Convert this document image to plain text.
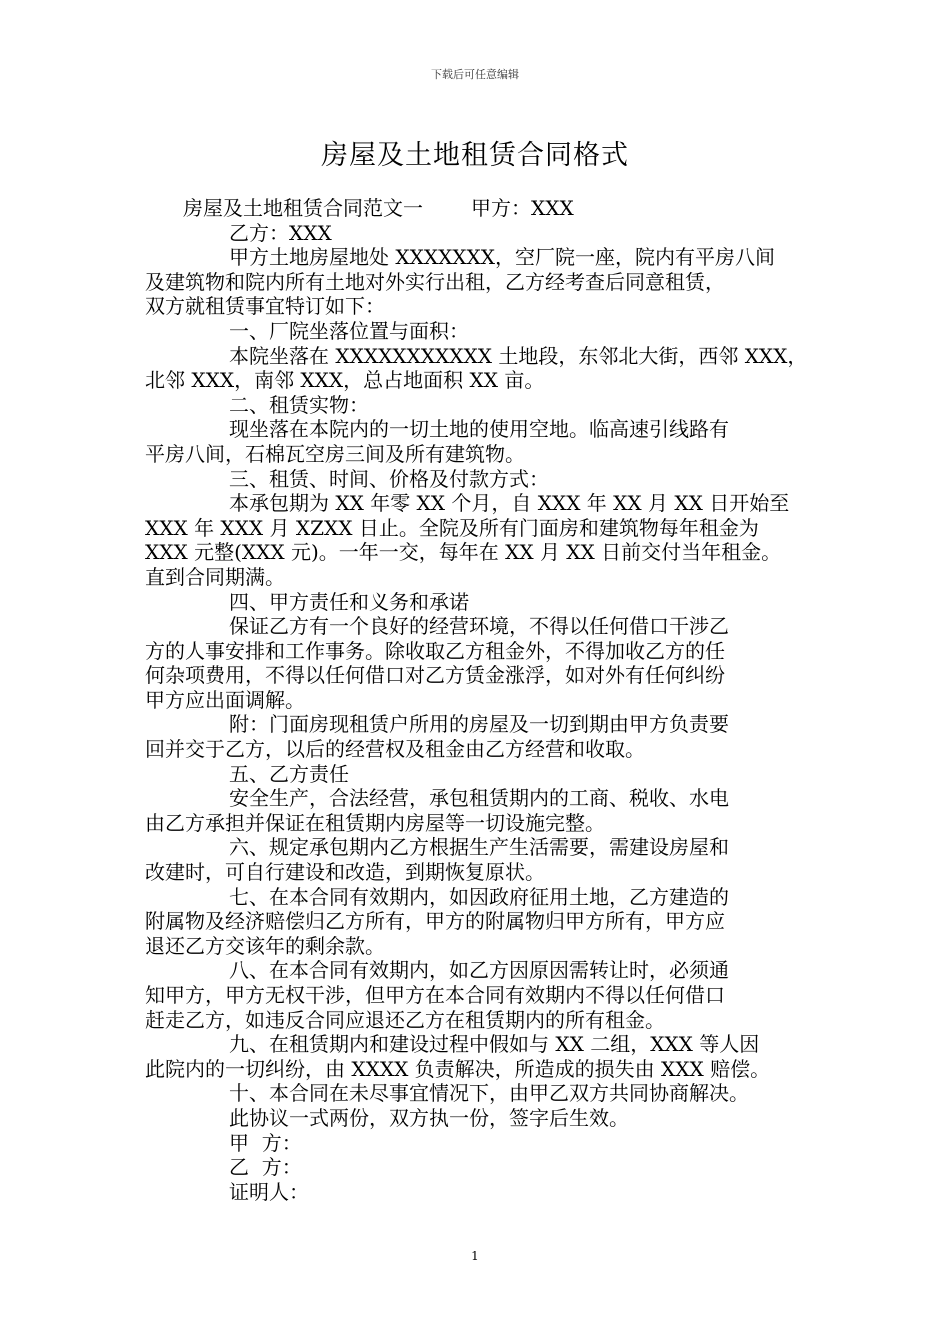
下载后可任意编辑
房屋及土地租赁合同格式

房屋及土地租赁合同范文一 甲方：XXX

乙方：XXX

甲方土地房屋地处 XXXXXXX，空厂院一座，院内有平房八间

及建筑物和院内所有土地对外实行出租，乙方经考查后同意租赁，

双方就租赁事宜特订如下：

一、厂院坐落位置与面积：

本院坐落在 XXXXXXXXXXX 土地段，东邻北大街，西邻 XXX，

北邻 XXX，南邻 XXX，总占地面积 XX 亩。

二、租赁实物：

现坐落在本院内的一切土地的使用空地。临高速引线路有

平房八间，石棉瓦空房三间及所有建筑物。

三、租赁、时间、价格及付款方式：

本承包期为 XX 年零 XX 个月，自 XXX 年 XX 月 XX 日开始至

XXX 年 XXX 月 XZXX 日止。全院及所有门面房和建筑物每年租金为

XXX 元整(XXX 元)。一年一交，每年在 XX 月 XX 日前交付当年租金。

直到合同期满。

四、甲方责任和义务和承诺

保证乙方有一个良好的经营环境，不得以任何借口干涉乙

方的人事安排和工作事务。除收取乙方租金外，不得加收乙方的任

何杂项费用，不得以任何借口对乙方赁金涨浮，如对外有任何纠纷

甲方应出面调解。

附：门面房现租赁户所用的房屋及一切到期由甲方负责要

回并交于乙方，以后的经营权及租金由乙方经营和收取。

五、乙方责任

安全生产，合法经营，承包租赁期内的工商、税收、水电

由乙方承担并保证在租赁期内房屋等一切设施完整。

六、规定承包期内乙方根据生产生活需要，需建设房屋和

改建时，可自行建设和改造，到期恢复原状。

七、在本合同有效期内，如因政府征用土地，乙方建造的

附属物及经济赔偿归乙方所有，甲方的附属物归甲方所有，甲方应

退还乙方交该年的剩余款。

八、在本合同有效期内，如乙方因原因需转让时，必须通

知甲方，甲方无权干涉，但甲方在本合同有效期内不得以任何借口

赶走乙方，如违反合同应退还乙方在租赁期内的所有租金。

九、在租赁期内和建设过程中假如与 XX 二组，XXX 等人因

此院内的一切纠纷，由 XXXX 负责解决，所造成的损失由 XXX 赔偿。

十、本合同在未尽事宜情况下，由甲乙双方共同协商解决。

此协议一式两份，双方执一份，签字后生效。

甲  方：

乙  方：

证明人：

1
